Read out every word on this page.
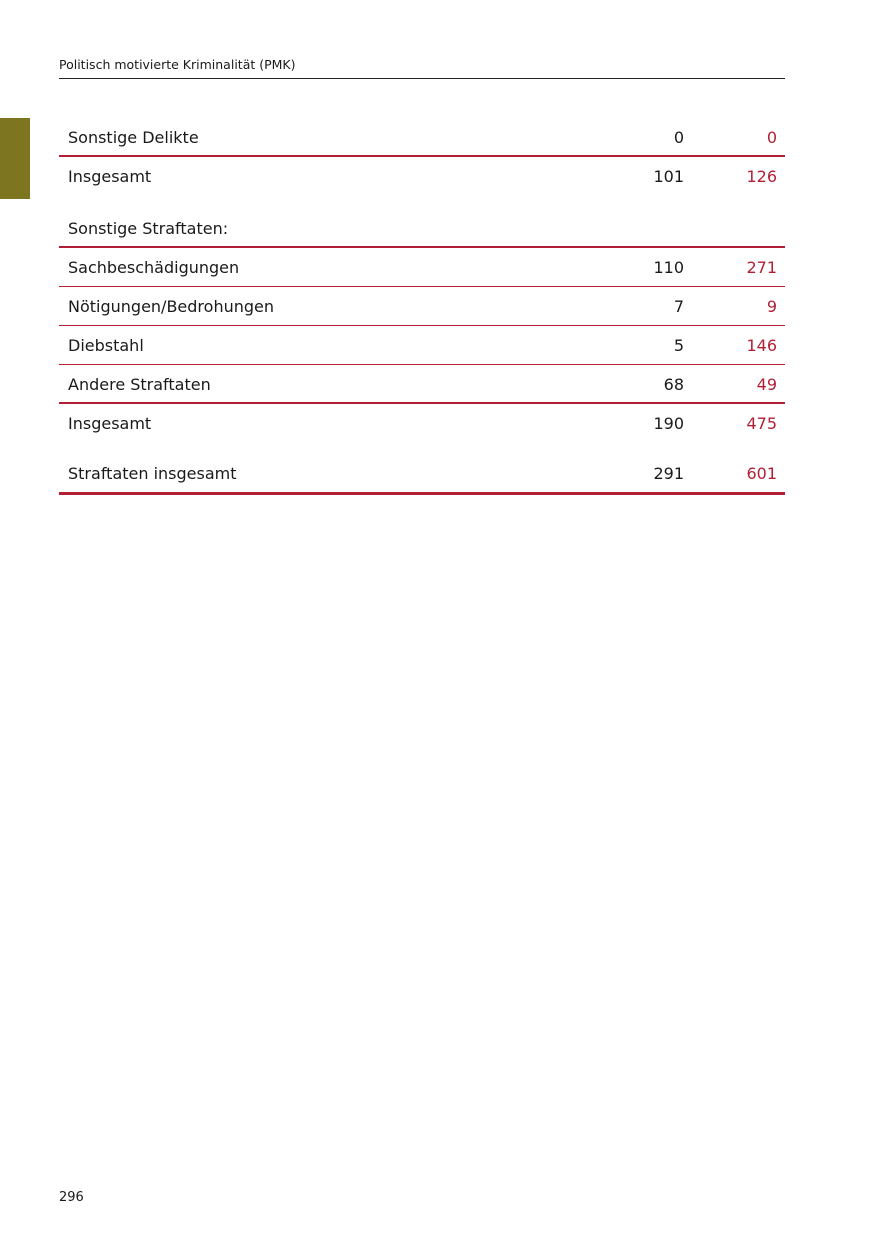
Politisch motivierte Kriminalität (PMK)
Sonstige Delikte	0	0
Insgesamt	101	126
Sonstige Straftaten:
Sachbeschädigungen	110	271
Nötigungen/Bedrohungen	7	9
Diebstahl	5	146
Andere Straftaten	68	49
Insgesamt	190	475
Straftaten insgesamt	291	601
296
